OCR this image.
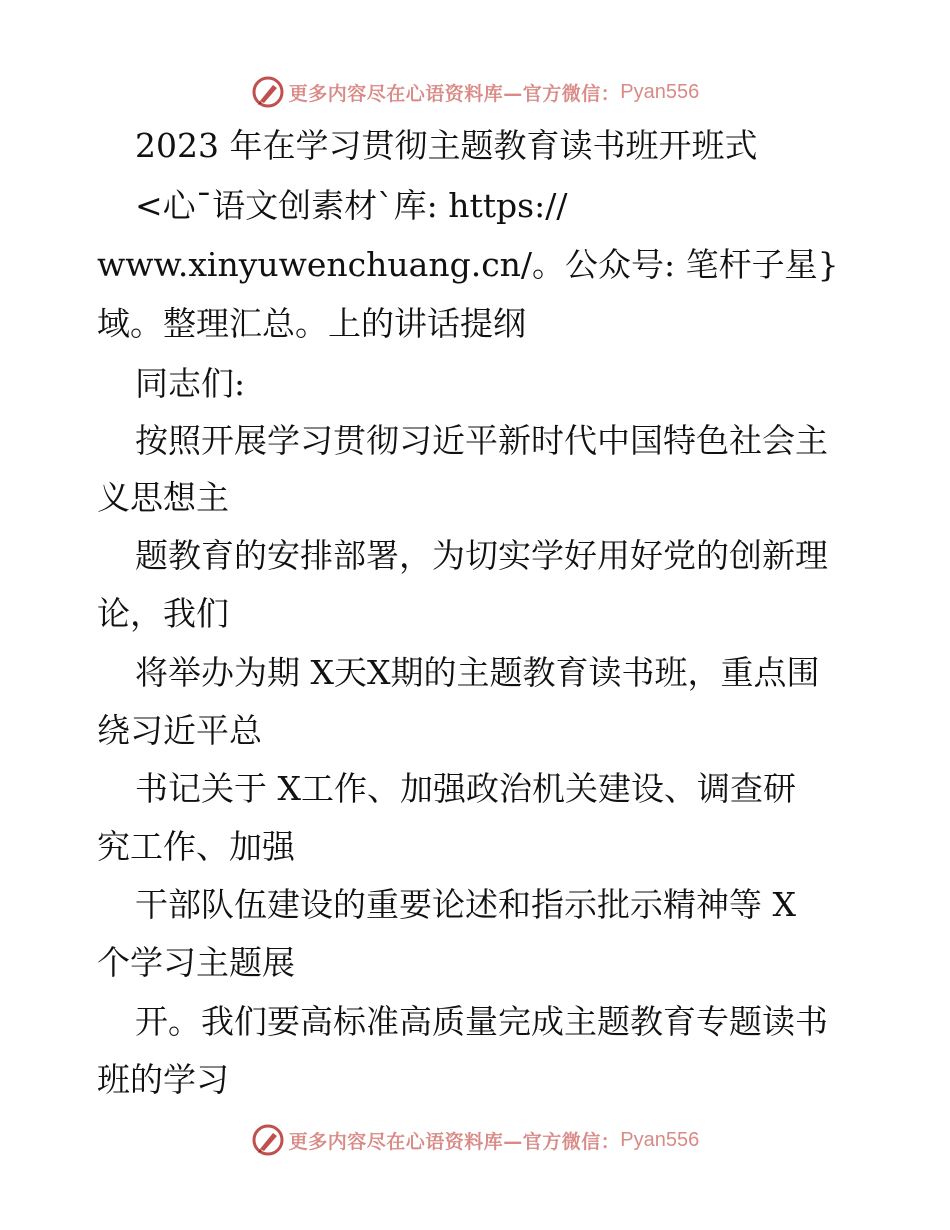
更多内容尽在心语资料库—官方微信： Pyan556
2023 年在学习贯彻主题教育读书班开班式
<心¯语文创素材`库: https://
www.xinyuwenchuang.cn/。公众号: 笔杆子星}
域。整理汇总。上的讲话提纲
同志们:
按照开展学习贯彻习近平新时代中国特色社会主
义思想主
题教育的安排部署，为切实学好用好党的创新理
论，我们
将举办为期 X天X期的主题教育读书班，重点围
绕习近平总
书记关于 X工作、加强政治机关建设、调查研
究工作、加强
干部队伍建设的重要论述和指示批示精神等 X
个学习主题展
开。我们要高标准高质量完成主题教育专题读书
班的学习
更多内容尽在心语资料库—官方微信： Pyan556
